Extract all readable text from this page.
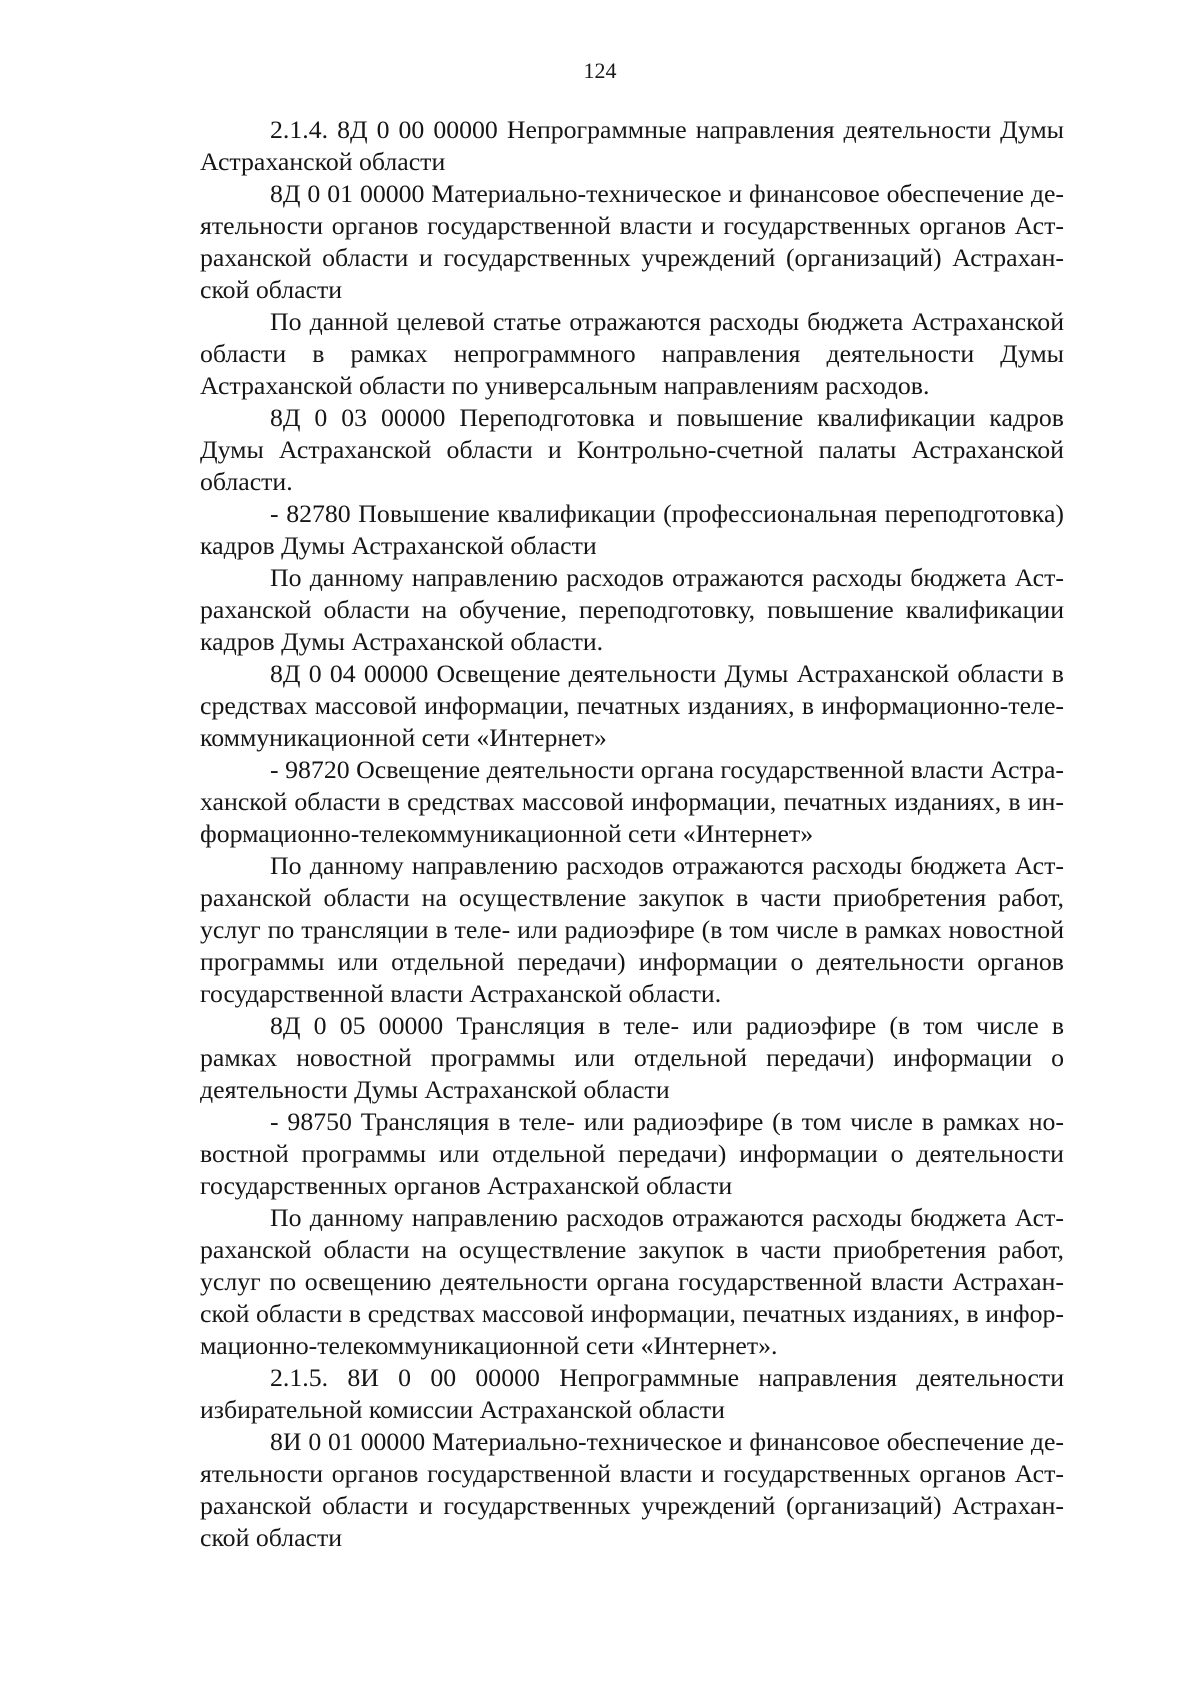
124

2.1.4. 8Д 0 00 00000 Непрограммные направления деятельности Думы Астраханской области

8Д 0 01 00000 Материально-техническое и финансовое обеспечение деятельности органов государственной власти и государственных органов Астраханской области и государственных учреждений (организаций) Астраханской области

По данной целевой статье отражаются расходы бюджета Астраханской области в рамках непрограммного направления деятельности Думы Астраханской области по универсальным направлениям расходов.

8Д 0 03 00000 Переподготовка и повышение квалификации кадров Думы Астраханской области и Контрольно-счетной палаты Астраханской области.

- 82780 Повышение квалификации (профессиональная переподготовка) кадров Думы Астраханской области

По данному направлению расходов отражаются расходы бюджета Астраханской области на обучение, переподготовку, повышение квалификации кадров Думы Астраханской области.

8Д 0 04 00000 Освещение деятельности Думы Астраханской области в средствах массовой информации, печатных изданиях, в информационно-телекоммуникационной сети «Интернет»

- 98720 Освещение деятельности органа государственной власти Астраханской области в средствах массовой информации, печатных изданиях, в информационно-телекоммуникационной сети «Интернет»

По данному направлению расходов отражаются расходы бюджета Астраханской области на осуществление закупок в части приобретения работ, услуг по трансляции в теле- или радиоэфире (в том числе в рамках новостной программы или отдельной передачи) информации о деятельности органов государственной власти Астраханской области.

8Д 0 05 00000 Трансляция в теле- или радиоэфире (в том числе в рамках новостной программы или отдельной передачи) информации о деятельности Думы Астраханской области

- 98750 Трансляция в теле- или радиоэфире (в том числе в рамках новостной программы или отдельной передачи) информации о деятельности государственных органов Астраханской области

По данному направлению расходов отражаются расходы бюджета Астраханской области на осуществление закупок в части приобретения работ, услуг по освещению деятельности органа государственной власти Астраханской области в средствах массовой информации, печатных изданиях, в информационно-телекоммуникационной сети «Интернет».

2.1.5. 8И 0 00 00000 Непрограммные направления деятельности избирательной комиссии Астраханской области

8И 0 01 00000 Материально-техническое и финансовое обеспечение деятельности органов государственной власти и государственных органов Астраханской области и государственных учреждений (организаций) Астраханской области
